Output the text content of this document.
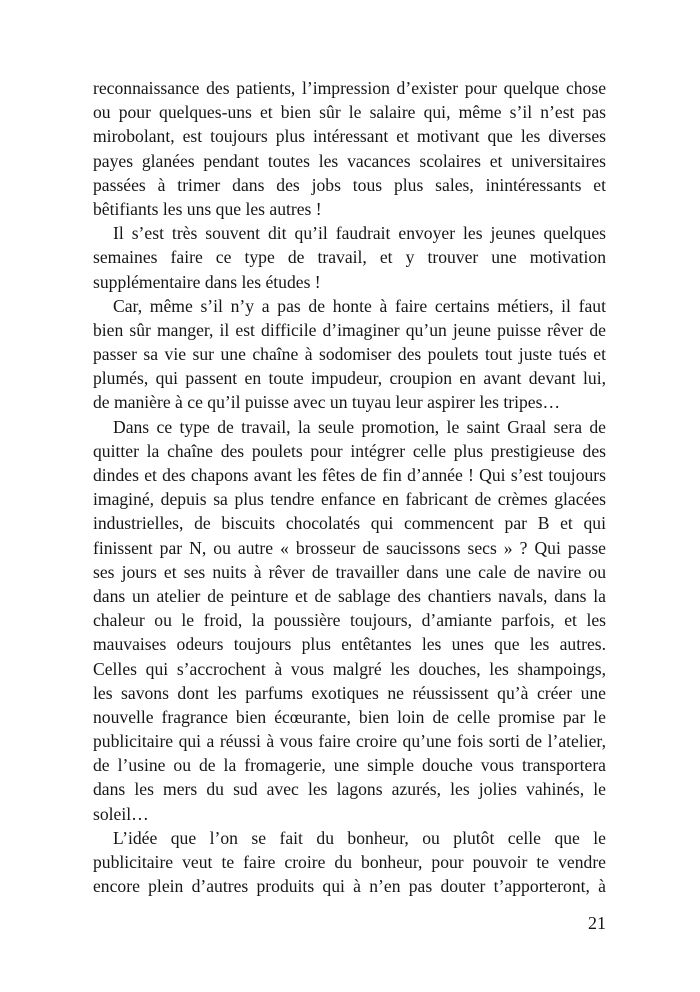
reconnaissance des patients, l’impression d’exister pour quelque chose
ou pour quelques-uns et bien sûr le salaire qui, même s’il n’est pas
mirobolant, est toujours plus intéressant et motivant que les diverses
payes glanées pendant toutes les vacances scolaires et universitaires
passées à trimer dans des jobs tous plus sales, inintéressants et
bêtifiants les uns que les autres !
Il s’est très souvent dit qu’il faudrait envoyer les jeunes quelques
semaines faire ce type de travail, et y trouver une motivation
supplémentaire dans les études !
Car, même s’il n’y a pas de honte à faire certains métiers, il faut
bien sûr manger, il est difficile d’imaginer qu’un jeune puisse rêver de
passer sa vie sur une chaîne à sodomiser des poulets tout juste tués et
plumés, qui passent en toute impudeur, croupion en avant devant lui,
de manière à ce qu’il puisse avec un tuyau leur aspirer les tripes…
Dans ce type de travail, la seule promotion, le saint Graal sera de
quitter la chaîne des poulets pour intégrer celle plus prestigieuse des
dindes et des chapons avant les fêtes de fin d’année ! Qui s’est toujours
imaginé, depuis sa plus tendre enfance en fabricant de crèmes glacées
industrielles, de biscuits chocolatés qui commencent par B et qui
finissent par N, ou autre « brosseur de saucissons secs » ? Qui passe
ses jours et ses nuits à rêver de travailler dans une cale de navire ou
dans un atelier de peinture et de sablage des chantiers navals, dans la
chaleur ou le froid, la poussière toujours, d’amiante parfois, et les
mauvaises odeurs toujours plus entêtantes les unes que les autres.
Celles qui s’accrochent à vous malgré les douches, les shampoings,
les savons dont les parfums exotiques ne réussissent qu’à créer une
nouvelle fragrance bien écœurante, bien loin de celle promise par le
publicitaire qui a réussi à vous faire croire qu’une fois sorti de l’atelier,
de l’usine ou de la fromagerie, une simple douche vous transportera
dans les mers du sud avec les lagons azurés, les jolies vahinés, le
soleil…
L’idée que l’on se fait du bonheur, ou plutôt celle que le
publicitaire veut te faire croire du bonheur, pour pouvoir te vendre
encore plein d’autres produits qui à n’en pas douter t’apporteront, à
21
